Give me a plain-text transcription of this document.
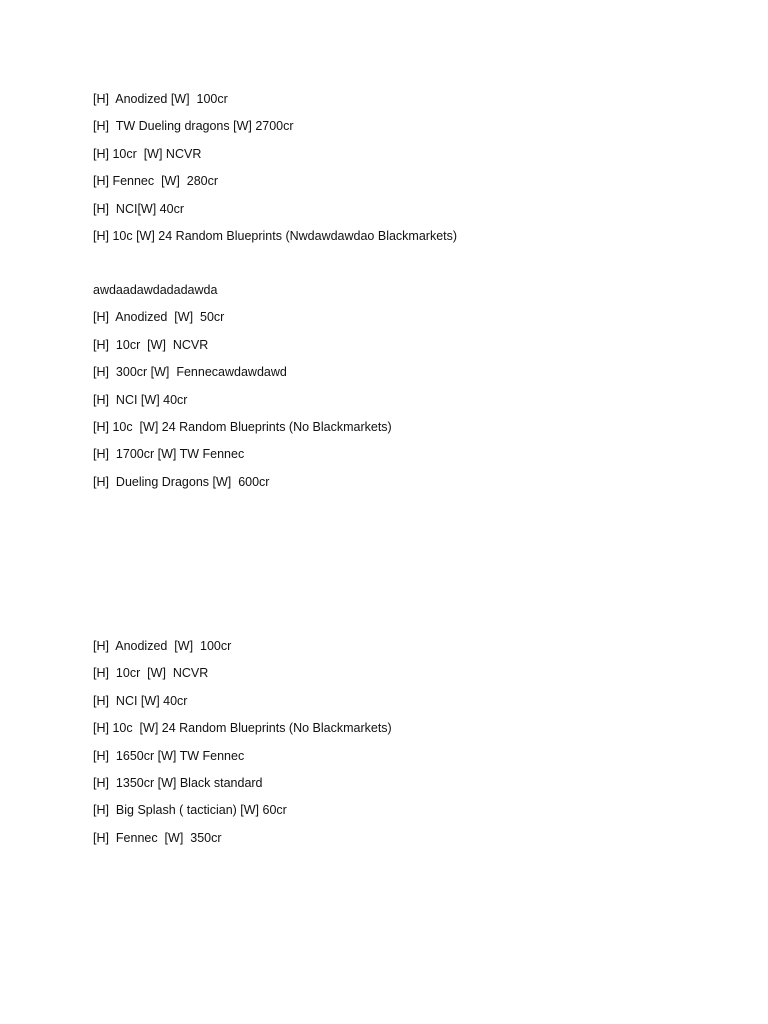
[H]  Anodized [W]  100cr
[H]  TW Dueling dragons [W] 2700cr
[H] 10cr  [W] NCVR
[H] Fennec  [W]  280cr
[H]  NCI[W] 40cr
[H] 10c [W] 24 Random Blueprints (Nwdawdawdao Blackmarkets)
awdaadawdadadawda
[H]  Anodized  [W]  50cr
[H]  10cr  [W]  NCVR
[H]  300cr [W]  Fennecawdawdawd
[H]  NCI [W] 40cr
[H] 10c  [W] 24 Random Blueprints (No Blackmarkets)
[H]  1700cr [W] TW Fennec
[H]  Dueling Dragons [W]  600cr
[H]  Anodized  [W]  100cr
[H]  10cr  [W]  NCVR
[H]  NCI [W] 40cr
[H] 10c  [W] 24 Random Blueprints (No Blackmarkets)
[H]  1650cr [W] TW Fennec
[H]  1350cr [W] Black standard
[H]  Big Splash ( tactician) [W] 60cr
[H]  Fennec  [W]  350cr
